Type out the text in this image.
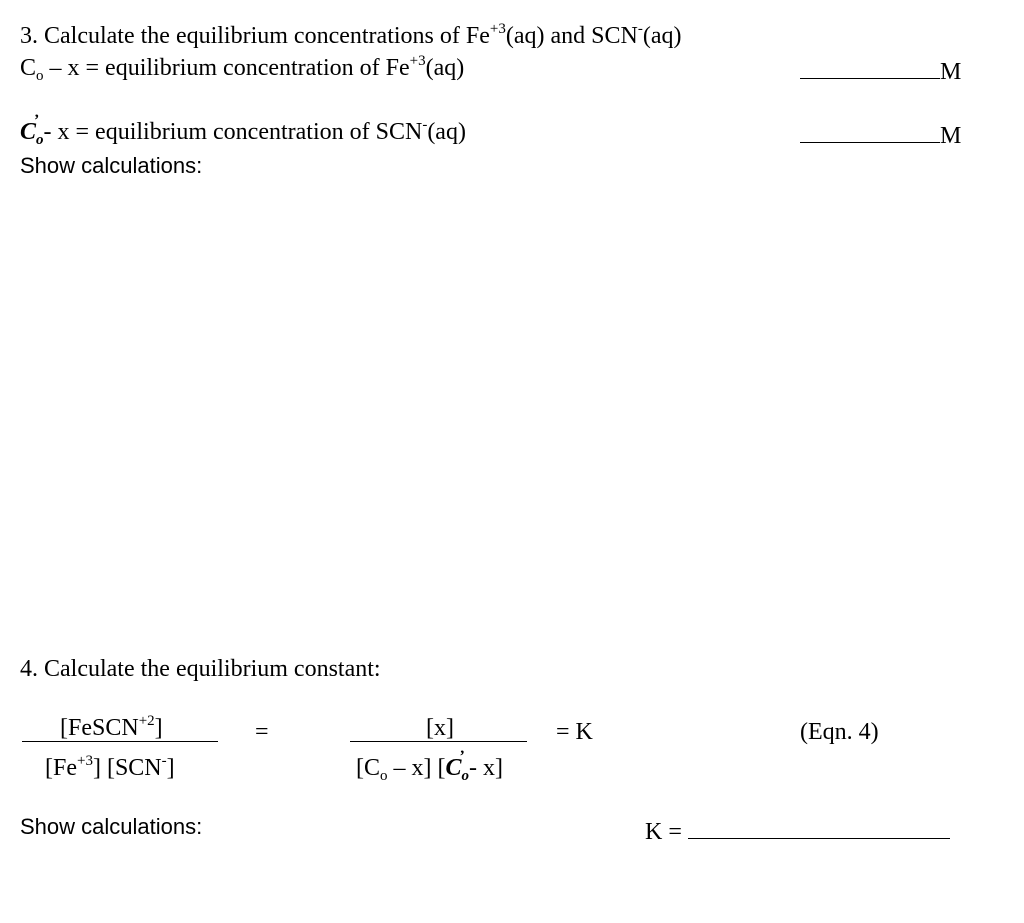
3. Calculate the equilibrium concentrations of $Fe^{+3}(aq)$ and SCN-(aq)
$C_o$ – x = equilibrium concentration of $Fe^{+3}(aq)$	M
$C_o$
’ - x = equilibrium concentration of SCN-(aq)	M
Show calculations:
4. Calculate the equilibrium constant:
[FeSCN$^{+2}$]
$[Fe^{+3}]$ [SCN-]
=	[x]
$[C_o - x]$ [$C_o$
’ - x]
= K	(Eqn. 4)
Show calculations:	K =
